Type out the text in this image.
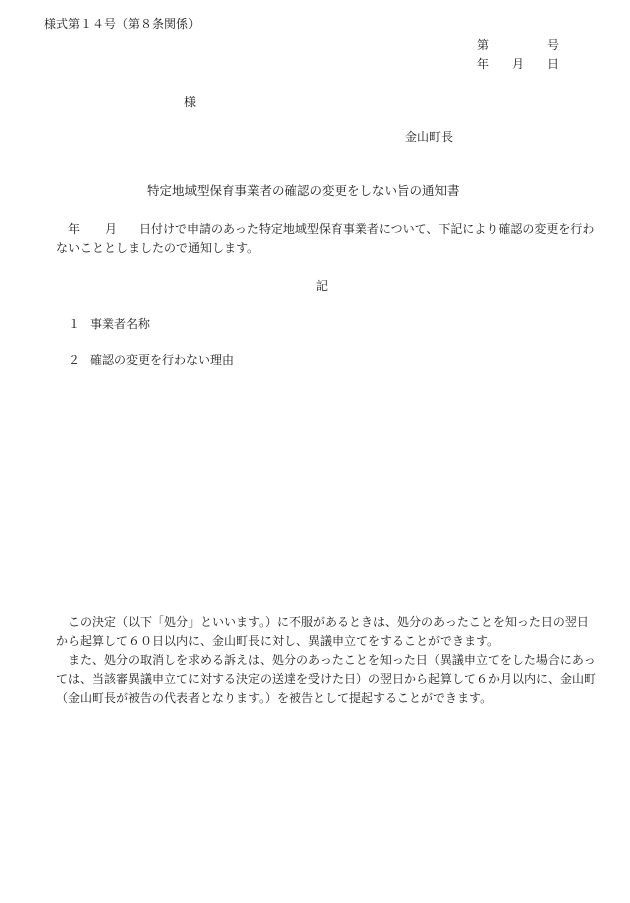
様式第１４号（第８条関係）
第	号
年 月 日
様
金山町長
特定地域型保育事業者の確認の変更をしない旨の通知書
年 月 日付けで申請のあった特定地域型保育事業者について、下記により確認の変更を行わ
ないこととしましたので通知します。
記
１ 事業者名称
２ 確認の変更を行わない理由
この決定（以下「処分」といいます。）に不服があるときは、処分のあったことを知った日の翌日
から起算して６０日以内に、金山町長に対し、異議申立てをすることができます。
また、処分の取消しを求める訴えは、処分のあったことを知った日（異議申立てをした場合にあっ
ては、当該審異議申立てに対する決定の送達を受けた日）の翌日から起算して６か月以内に、金山町
（金山町長が被告の代表者となります。）を被告として提起することができます。
